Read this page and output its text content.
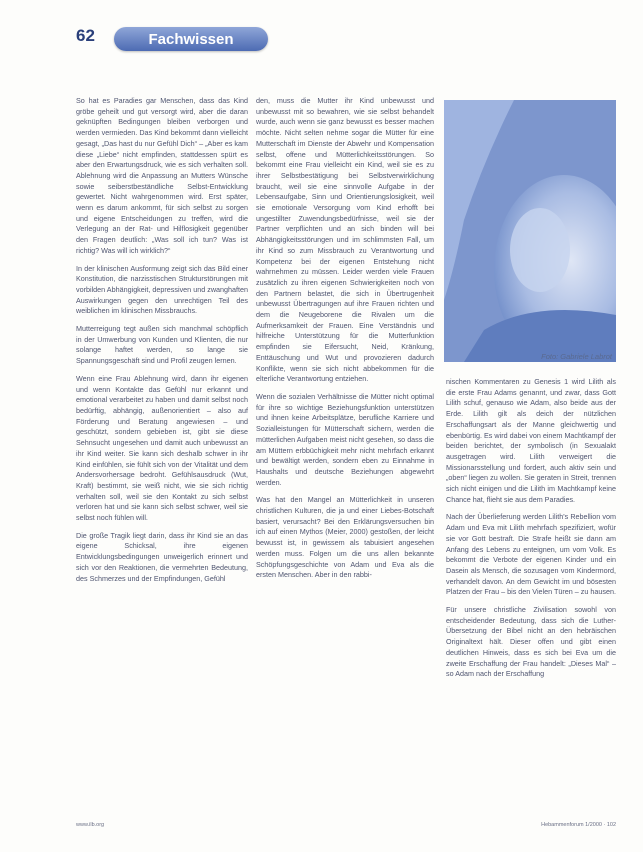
62	Fachwissen

So hat es Paradies gar Menschen, dass das Kind gröbe geheilt und gut versorgt wird, aber die daran geknüpften Bedingungen bleiben verborgen und werden vermieden. Das Kind bekommt dann vielleicht gesagt, „Das hast du nur Gefühl Dich“ – „Aber es kam diese „Liebe“ nicht empfinden, stattdessen spürt es aber den Erwartungsdruck, wie es sich verhalten soll. Ablehnung wird die Anpassung an Mutters Wünsche sowie seiberstbeständliche Selbst-Entwicklung gewertet. Nicht wahrgenommen wird. Erst später, wenn es darum ankommt, für sich selbst zu sorgen und eigene Entscheidungen zu treffen, wird die Verlegung an der Rat- und Hilflosigkeit gegenüber den Fragen deutlich: „Was soll ich tun? Was ist richtig? Was will ich wirklich?“

In der klinischen Ausformung zeigt sich das Bild einer Konstitution, die narzisstischen Strukturstörungen mit vorbilden Abhängigkeit, depressiven und zwanghaften Auswirkungen gegen den unrechtigen Teil des weiblichen im klinischen Missbrauchs.

Mutterreigung tegt außen sich manchmal schöpflich in der Umwerbung von Kunden und Klienten, die nur solange haftet werden, so lange sie Spannungsgeschäft sind und Profil zeugen lernen.

Wenn eine Frau Ablehnung wird, dann ihr eigenen und wenn Kontakte das Gefühl nur erkannt und emotional verarbeitet zu haben und damit selbst noch bedürftig, abhängig, außenorientiert – also auf Förderung und Beratung angewiesen – und geschützt, sondern gebieben ist, gibt sie diese Sehnsucht ungesehen und damit auch unbewusst an ihr Kind weiter. Sie kann sich deshalb schwer in ihr Kind einfühlen, sie fühlt sich von der Vitalität und dem Andersvorhersage bedroht. Gefühlsausdruck (Wut, Kraft) bestimmt, sie weiß nicht, wie sie sich richtig verhalten soll, weil sie den Kontakt zu sich selbst verloren hat und sie kann sich selbst schwer, weil sie selbst noch fühlen will.

Die große Tragik liegt darin, dass ihr Kind sie an das eigene Schicksal, ihre eigenen Entwicklungsbedingungen unweigerlich erinnert und sich vor den Reaktionen, die vermehrten Bedeutung, des Schmerzes und der Empfindungen, Gefühl

den, muss die Mutter ihr Kind unbewusst und unbewusst mit so bewahren, wie sie selbst behandelt wurde, auch wenn sie ganz bewusst es besser machen möchte. Nicht selten nehme sogar die Mütter für eine Mutterschaft im Dienste der Abwehr und Kompensation selbst, offene und Mütterlichkeitsstörungen. So bekommt eine Frau vielleicht ein Kind, weil sie es zu ihrer Selbstbestätigung bei Selbstverwirklichung braucht, weil sie eine sinnvolle Aufgabe in der Lebensaufgabe, Sinn und Orientierungslosigkeit, weil sie emotionale Versorgung vom Kind erhofft bei ungestillter Zuwendungsbedürfnisse, weil sie der Partner verpflichten und an sich binden will bei Abhängigkeitsstörungen und im schlimmsten Fall, um ihr Kind so zum Missbrauch zu Verantwortung und Kompetenz bei der eigenen Entstehung nicht wahrnehmen zu müssen. Leider werden viele Frauen zusätzlich zu ihren eigenen Schwierigkeiten noch von den Partnern belastet, die sich in Übertrugenheit unbewusst Übertragungen auf ihre Frauen richten und dem die Neugeborene die Rivalen um die Aufmerksamkeit der Frauen. Eine Verständnis und hilfreiche Unterstützung für die Mutterfunktion empfinden sie Eifersucht, Neid, Kränkung, Enttäuschung und Wut und provozieren dadurch Konflikte, wenn sie sich nicht abbekommen für die elterliche Verantwortung entziehen.

Wenn die sozialen Verhältnisse die Mütter nicht optimal für ihre so wichtige Beziehungsfunktion unterstützen und ihnen keine Arbeitsplätze, berufliche Karriere und Sozialleistungen für Mütterschaft sichern, werden die mütterlichen Aufgaben meist nicht gesehen, so dass die am Müttern erbbüchigkeit mehr nicht mehrfach erkannt und bewältigt werden, sondern eben zu Einnahme in Haushalts und deutsche Beziehungen abgewehrt werden.

Was hat den Mangel an Mütterlichkeit in unseren christlichen Kulturen, die ja und einer Liebes-Botschaft basiert, verursacht? Bei den Erklärungsversuchen bin ich auf einen Mythos (Meier, 2000) gestoßen, der leicht bewusst ist, in gewissem als tabuisiert angesehen werden muss. Folgen um die uns allen bekannte Schöpfungsgeschichte von Adam und Eva als die ersten Menschen. Aber in den rabbi-

Foto: Gabriele Labrot

nischen Kommentaren zu Genesis 1 wird Lilith als die erste Frau Adams genannt, und zwar, dass Gott Lilith schuf, genauso wie Adam, also beide aus der Erde. Lilith gilt als deich der nützlichen Erschaffungsart als der Manne gleichwertig und ebenbürtig. Es wird dabei von einem Machtkampf der beiden berichtet, der symbolisch (in Sexualakt ausgetragen wird. Lilith verweigert die Missionarsstellung und fordert, auch aktiv sein und „oben“ liegen zu wollen. Sie geraten in Streit, trennen sich nicht einigen und die Lilith im Machtkampf keine Chance hat, flieht sie aus dem Paradies.

Nach der Überlieferung werden Lilith's Rebellion vom Adam und Eva mit Lilith mehrfach spezifiziert, wofür sie vor Gott bestraft. Die Strafe heißt sie dann am Anfang des Lebens zu enteignen, um vom Volk. Es bekommt die Verbote der eigenen Kinder und ein Dasein als Mensch, die sozusagen vom Kindermord, verhandelt davon. An dem Gewicht im und bösesten Platzen der Frau – bis den Vielen Türen – zu hausen.

Für unsere christliche Zivilisation sowohl von entscheidender Bedeutung, dass sich die Luther-Übersetzung der Bibel nicht an den hebräischen Originaltext hält. Dieser offen und gibt einen deutlichen Hinweis, dass es sich bei Eva um die zweite Erschaffung der Frau handelt: „Dieses Mal“ – so Adam nach der Erschaffung

www.ilb.org	Hebammenforum 1/2000 · 102
